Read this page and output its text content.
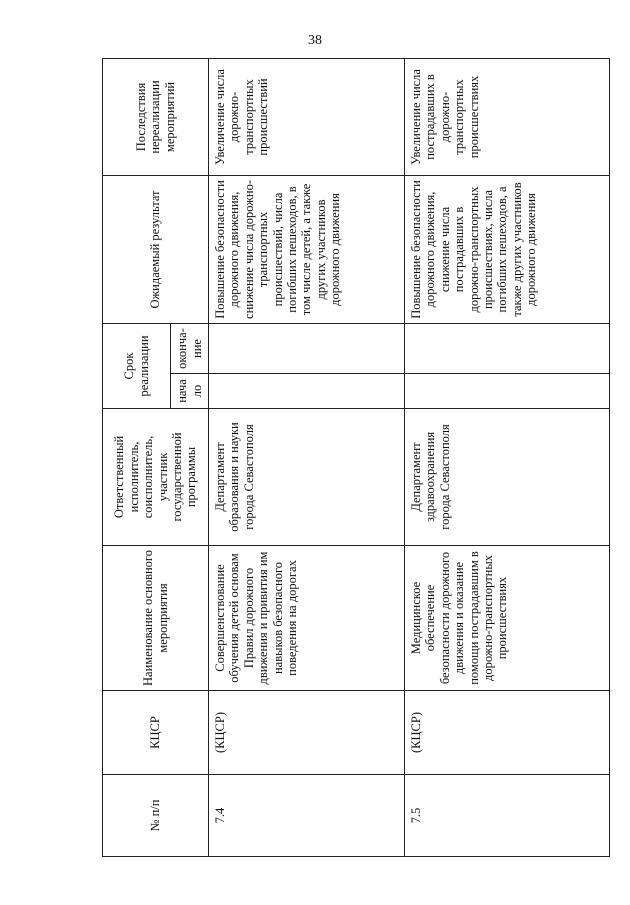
38
№ п/п	КЦСР	Наименование основного мероприятия	Ответственный исполнитель, соисполнитель, участник государственной программы	Срок реализации		Ожидаемый результат	Последствия нереализации мероприятий
				начало	оконча-ние		
7.4	(КЦСР)	Совершенствование обучения детей основам Правил дорожного движения и привития им навыков безопасного поведения на дорогах	Департамент образования и науки города Севастополя			Повышение безопасности дорожного движения, снижение числа дорожно-транспортных происшествий, числа погибших пешеходов, в том числе детей, а также других участников дорожного движения	Увеличение числа дорожно-транспортных происшествий
7.5	(КЦСР)	Медицинское обеспечение безопасности дорожного движения и оказание помощи пострадавшим в дорожно-транспортных происшествиях	Департамент здравоохранения города Севастополя			Повышение безопасности дорожного движения, снижение числа пострадавших в дорожно-транспортных происшествиях, числа погибших пешеходов, а также других участников дорожного движения	Увеличение числа пострадавших в дорожно-транспортных происшествиях
